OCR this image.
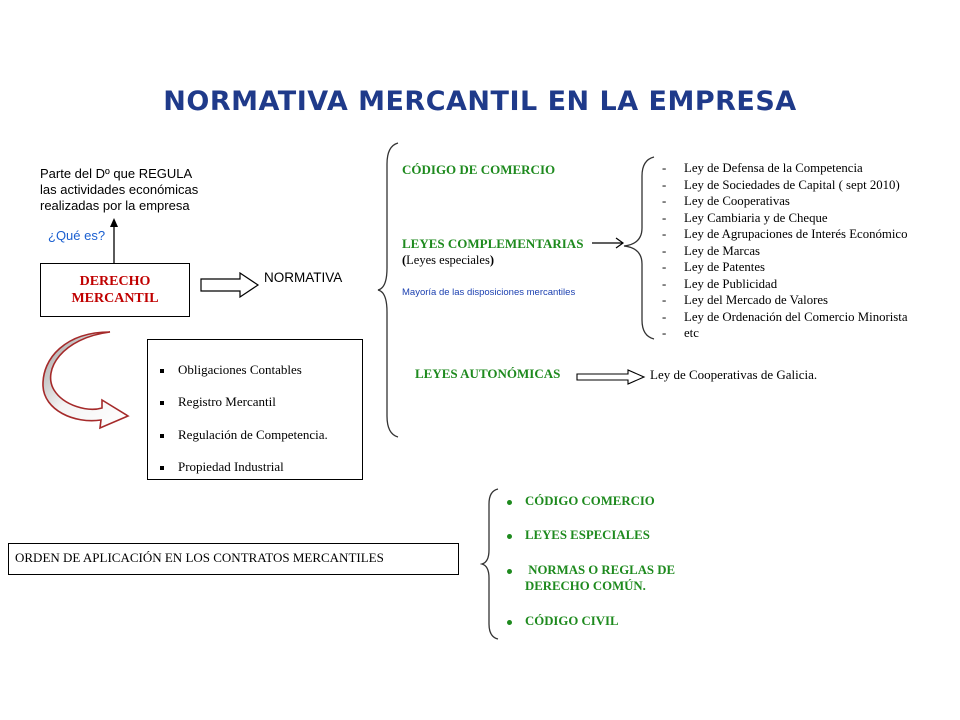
NORMATIVA MERCANTIL EN LA EMPRESA
Parte del Dº que REGULA
las actividades económicas
realizadas por la empresa
¿Qué es?
DERECHO
MERCANTIL
NORMATIVA
Obligaciones Contables
Registro Mercantil
Regulación de Competencia.
Propiedad Industrial
CÓDIGO DE COMERCIO
LEYES COMPLEMENTARIAS
(Leyes especiales)
Mayoría de las disposiciones mercantiles
- Ley de Defensa de la Competencia
- Ley de Sociedades de Capital ( sept 2010)
- Ley de Cooperativas
- Ley Cambiaria y de Cheque
- Ley de Agrupaciones de Interés Económico
- Ley de Marcas
- Ley de Patentes
- Ley de Publicidad
- Ley del Mercado de Valores
- Ley de Ordenación del Comercio Minorista
- etc
LEYES AUTONÓMICAS	Ley de Cooperativas de Galicia.
ORDEN DE APLICACIÓN EN LOS CONTRATOS MERCANTILES
CÓDIGO COMERCIO
LEYES ESPECIALES
NORMAS O REGLAS DE
DERECHO COMÚN.
CÓDIGO CIVIL
